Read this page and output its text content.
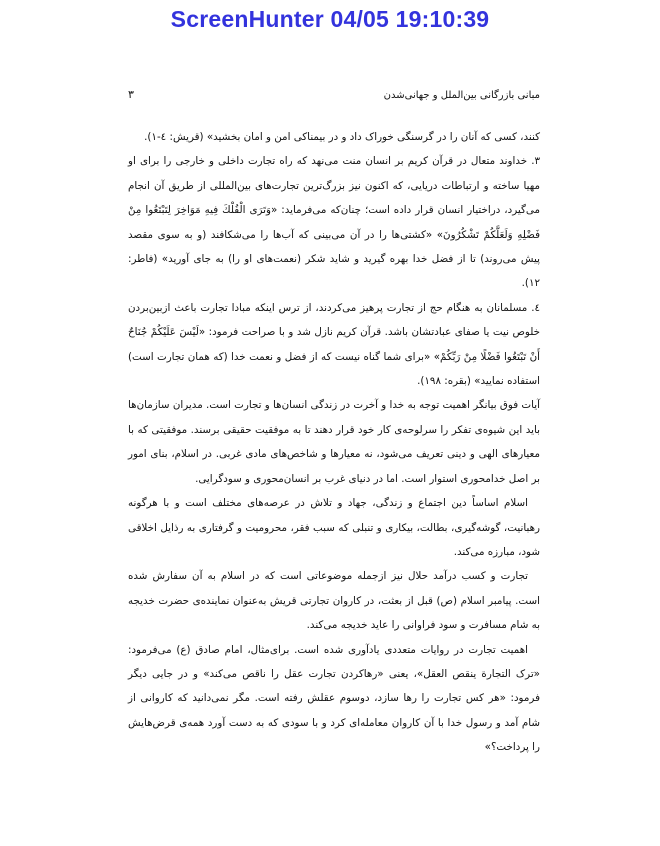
ScreenHunter 04/05 19:10:39
مبانی بازرگانی بین‌الملل و جهانی‌شدن
۳

کنند، کسی که آنان را در گرسنگی خوراک داد و در بیمناکی امن و امان بخشید» (قریش: ٤-١).

٣. خداوند متعال در قرآن کریم بر انسان منت می‌نهد که راه تجارت داخلی و خارجی را برای او مهیا ساخته و ارتباطات دریایی، که اکنون نیز بزرگ‌ترین تجارت‌های بین‌المللی از طریق آن انجام می‌گیرد، دراختیار انسان قرار داده است؛ چنان‌که می‌فرماید: «وَتَرَى الْفُلْكَ فِيهِ مَوَاخِرَ لِتَبْتَغُوا مِنْ فَضْلِهِ وَلَعَلَّكُمْ تَشْكُرُونَ» «کشتی‌ها را در آن می‌بینی که آب‌ها را می‌شکافند (و به سوی مقصد پیش می‌روند) تا از فضل خدا بهره گیرید و شاید شکر (نعمت‌های او را) به جای آورید» (فاطر: ١٢).

٤. مسلمانان به هنگام حج از تجارت پرهیز می‌کردند، از ترس اینکه مبادا تجارت باعث ازبین‌بردن خلوص نیت یا صفای عبادتشان باشد. قرآن کریم نازل شد و با صراحت فرمود: «لَيْسَ عَلَيْكُمْ جُنَاحٌ أَنْ تَبْتَغُوا فَضْلًا مِنْ رَبِّكُمْ» «برای شما گناه نیست که از فضل و نعمت خدا (که همان تجارت است) استفاده نمایید» (بقره: ١٩٨).

آیات فوق بیانگر اهمیت توجه به خدا و آخرت در زندگی انسان‌ها و تجارت است. مدیران سازمان‌ها باید این شیوه‌ی تفکر را سرلوحه‌ی کار خود قرار دهند تا به موفقیت حقیقی برسند. موفقیتی که با معیارهای الهی و دینی تعریف می‌شود، نه معیارها و شاخص‌های مادی غربی. در اسلام، بنای امور بر اصل خدامحوری استوار است. اما در دنیای غرب بر انسان‌محوری و سودگرایی.

اسلام اساساً دین اجتماع و زندگی، جهاد و تلاش در عرصه‌های مختلف است و با هرگونه رهبانیت، گوشه‌گیری، بطالت، بیکاری و تنبلی که سبب فقر، محرومیت و گرفتاری به رذایل اخلاقی شود، مبارزه می‌کند.

تجارت و کسب درآمد حلال نیز ازجمله موضوعاتی است که در اسلام به آن سفارش شده است. پیامبر اسلام (ص) قبل از بعثت، در کاروان تجارتی قریش به‌عنوان نماینده‌ی حضرت خدیجه به شام مسافرت و سود فراوانی را عاید خدیجه می‌کند.

اهمیت تجارت در روایات متعددی یادآوری شده است. برای‌مثال، امام صادق (ع) می‌فرمود: «ترک التجارة ینقص العقل»، یعنی «رهاکردن تجارت عقل را ناقص می‌کند» و در جایی دیگر فرمود: «هر کس تجارت را رها سازد، دوسوم عقلش رفته است. مگر نمی‌دانید که کاروانی از شام آمد و رسول خدا با آن کاروان معامله‌ای کرد و با سودی که به دست آورد همه‌ی قرض‌هایش را پرداخت؟»
